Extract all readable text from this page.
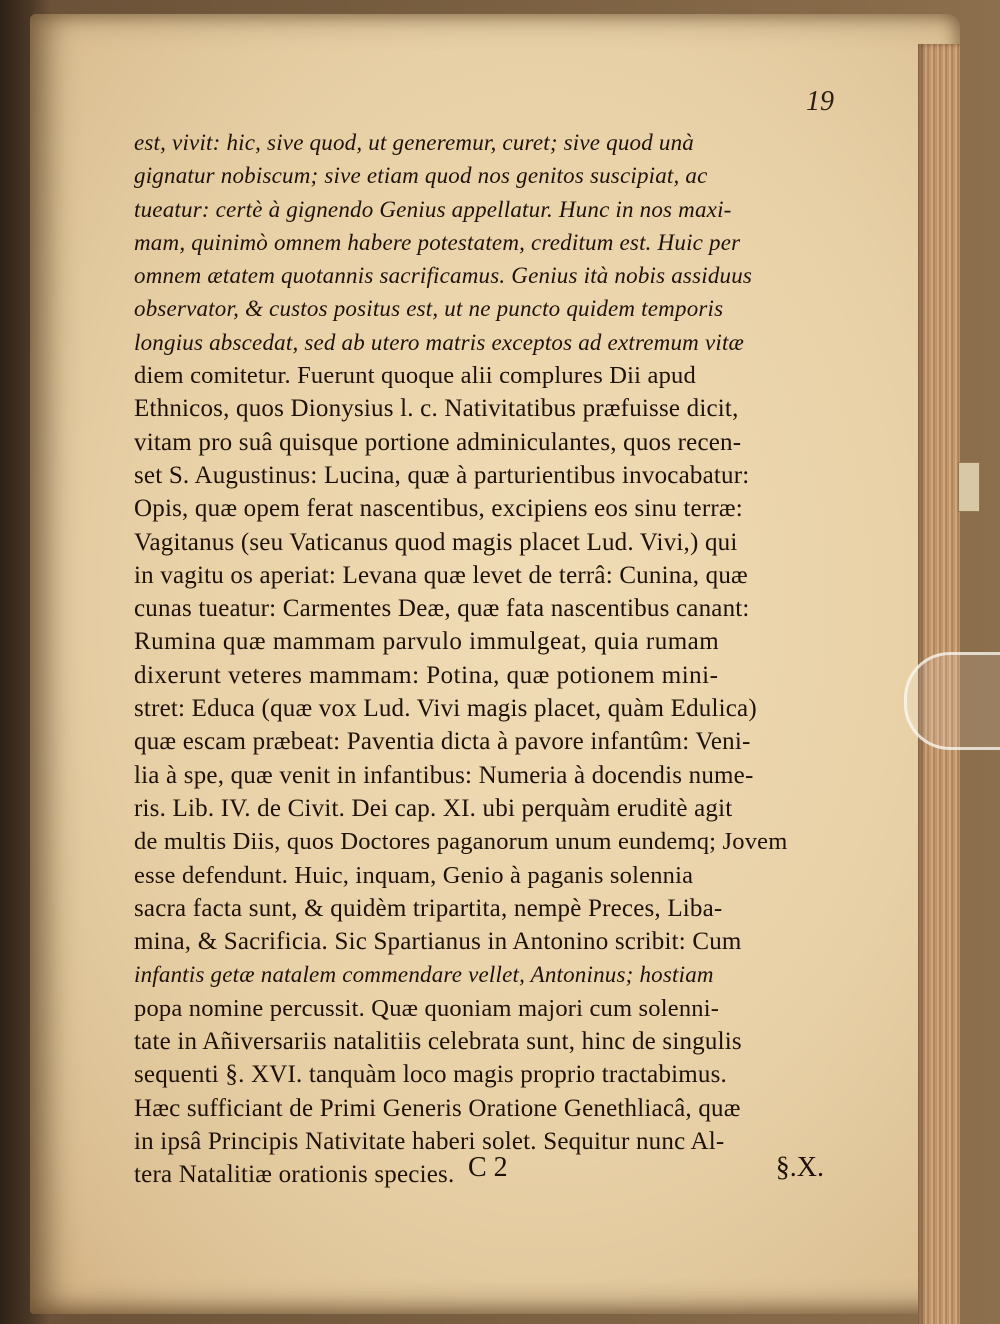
19

est, vivit: hic, sive quod, ut generemur, curet; sive quod unà

gignatur nobiscum; sive etiam quod nos genitos suscipiat, ac

tueatur: certè à gignendo Genius appellatur. Hunc in nos maxi-

mam, quinimò omnem habere potestatem, creditum est. Huic per

omnem ætatem quotannis sacrificamus. Genius ità nobis assiduus

observator, & custos positus est, ut ne puncto quidem temporis

longius abscedat, sed ab utero matris exceptos ad extremum vitæ

diem comitetur. Fuerunt quoque alii complures Dii apud

Ethnicos, quos Dionysius l. c. Nativitatibus præfuisse dicit,

vitam pro suâ quisque portione adminiculantes, quos recen-

set S. Augustinus: Lucina, quæ à parturientibus invocabatur:

Opis, quæ opem ferat nascentibus, excipiens eos sinu terræ:

Vagitanus (seu Vaticanus quod magis placet Lud. Vivi,) qui

in vagitu os aperiat: Levana quæ levet de terrâ: Cunina, quæ

cunas tueatur: Carmentes Deæ, quæ fata nascentibus canant:

Rumina quæ mammam parvulo immulgeat, quia rumam

dixerunt veteres mammam: Potina, quæ potionem mini-

stret: Educa (quæ vox Lud. Vivi magis placet, quàm Edulica)

quæ escam præbeat: Paventia dicta à pavore infantûm: Veni-

lia à spe, quæ venit in infantibus: Numeria à docendis nume-

ris. Lib. IV. de Civit. Dei cap. XI. ubi perquàm eruditè agit

de multis Diis, quos Doctores paganorum unum eundemq; Jovem

esse defendunt. Huic, inquam, Genio à paganis solennia

sacra facta sunt, & quidèm tripartita, nempè Preces, Liba-

mina, & Sacrificia. Sic Spartianus in Antonino scribit: Cum

infantis getæ natalem commendare vellet, Antoninus; hostiam

popa nomine percussit. Quæ quoniam majori cum solenni-

tate in Añiversariis natalitiis celebrata sunt, hinc de singulis

sequenti §. XVI. tanquàm loco magis proprio tractabimus.

Hæc sufficiant de Primi Generis Oratione Genethliacâ, quæ

in ipsâ Principis Nativitate haberi solet. Sequitur nunc Al-

tera Natalitiæ orationis species. C 2	§.X.
